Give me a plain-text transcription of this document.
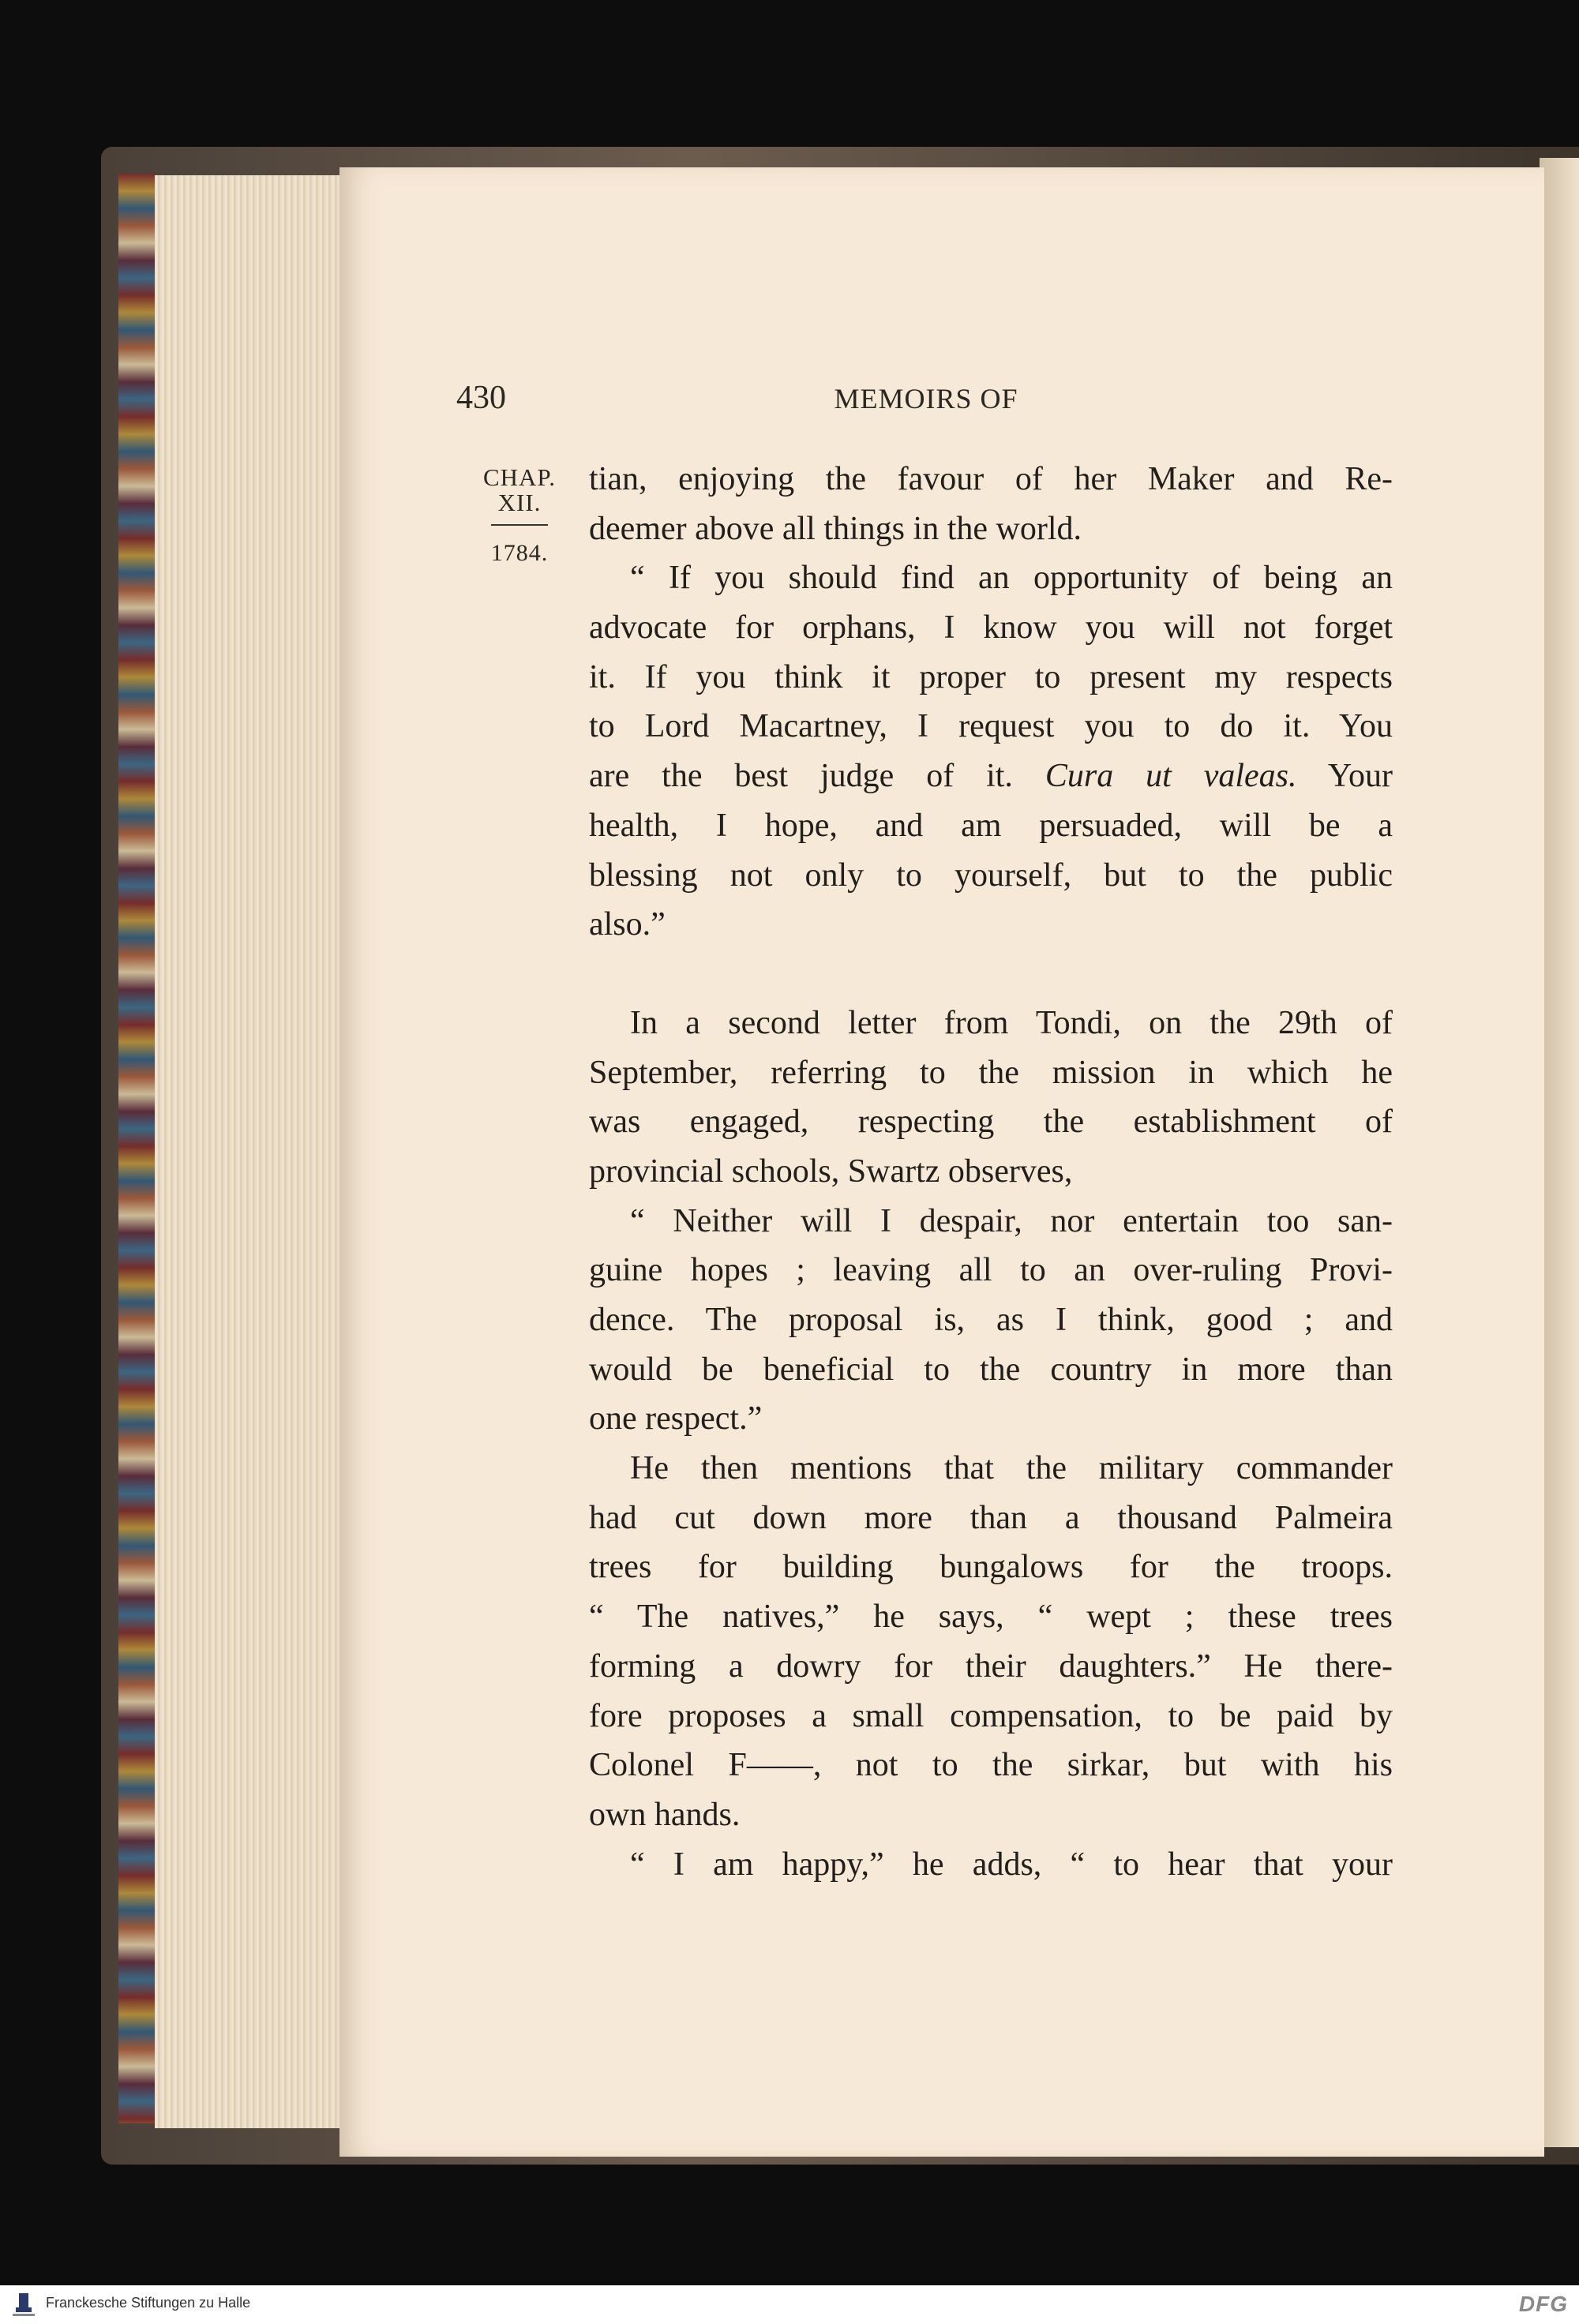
430	MEMOIRS OF
CHAP.
XII.
1784.
tian, enjoying the favour of her Maker and Re-
deemer above all things in the world.
“ If you should find an opportunity of being an
advocate for orphans, I know you will not forget
it. If you think it proper to present my respects
to Lord Macartney, I request you to do it. You
are the best judge of it. Cura ut valeas. Your
health, I hope, and am persuaded, will be a
blessing not only to yourself, but to the public
also.”
In a second letter from Tondi, on the 29th of
September, referring to the mission in which he
was engaged, respecting the establishment of
provincial schools, Swartz observes,
“ Neither will I despair, nor entertain too san-
guine hopes ; leaving all to an over-ruling Provi-
dence. The proposal is, as I think, good ; and
would be beneficial to the country in more than
one respect.”
He then mentions that the military commander
had cut down more than a thousand Palmeira
trees for building bungalows for the troops.
“ The natives,” he says, “ wept ; these trees
forming a dowry for their daughters.” He there-
fore proposes a small compensation, to be paid by
Colonel F——, not to the sirkar, but with his
own hands.
“ I am happy,” he adds, “ to hear that your
Franckesche Stiftungen zu Halle	DFG
